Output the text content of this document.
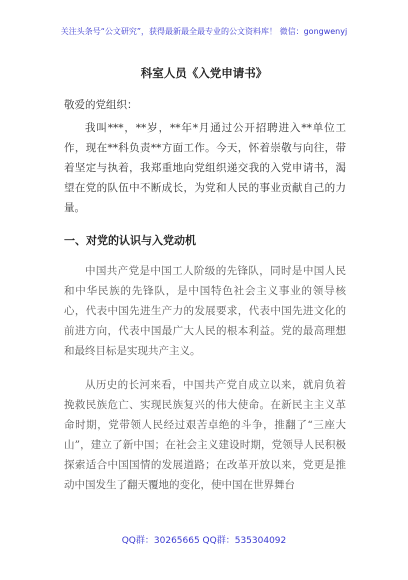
关注头条号“公文研究”，获得最新最全最专业的公文资料库！ 微信：gongwenyj
科室人员《入党申请书》
敬爱的党组织：

我叫***，**岁，**年*月通过公开招聘进入**单位工作，现在**科负责**方面工作。今天，怀着崇敬与向往，带着坚定与执着，我郑重地向党组织递交我的入党申请书，渴望在党的队伍中不断成长，为党和人民的事业贡献自己的力量。

一、对党的认识与入党动机

中国共产党是中国工人阶级的先锋队，同时是中国人民和中华民族的先锋队，是中国特色社会主义事业的领导核心，代表中国先进生产力的发展要求，代表中国先进文化的前进方向，代表中国最广大人民的根本利益。党的最高理想和最终目标是实现共产主义。

从历史的长河来看，中国共产党自成立以来，就肩负着挽救民族危亡、实现民族复兴的伟大使命。在新民主主义革命时期，党带领人民经过艰苦卓绝的斗争，推翻了“三座大山”，建立了新中国；在社会主义建设时期，党领导人民积极探索适合中国国情的发展道路；在改革开放以来，党更是推动中国发生了翻天覆地的变化，使中国在世界舞台

QQ群：30265665 QQ群：535304092
